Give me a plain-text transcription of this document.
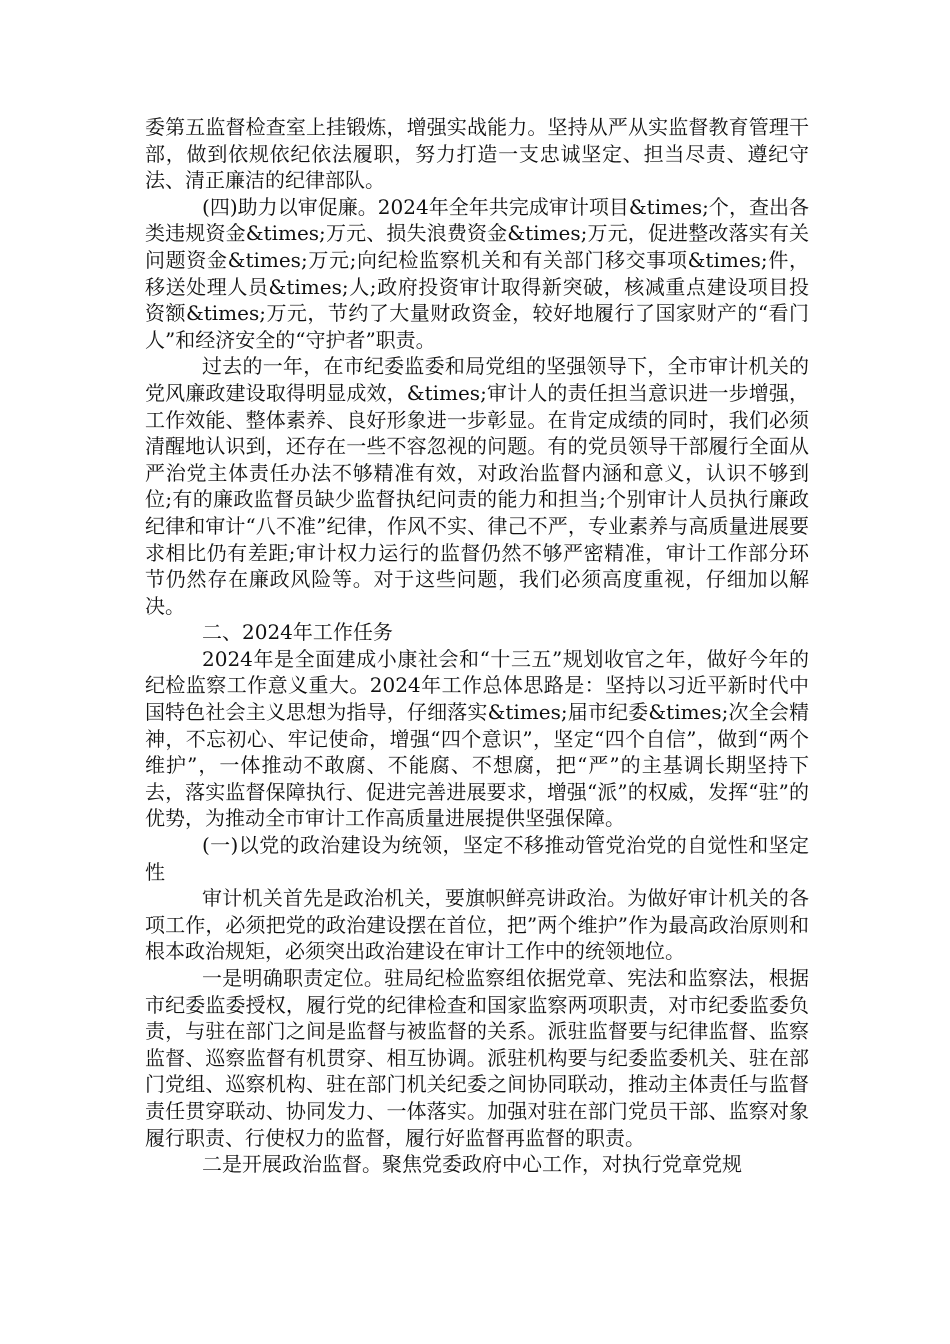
委第五监督检查室上挂锻炼，增强实战能力。坚持从严从实监督教育管理干部，做到依规依纪依法履职，努力打造一支忠诚坚定、担当尽责、遵纪守法、清正廉洁的纪律部队。

(四)助力以审促廉。2024年全年共完成审计项目&times;个，查出各类违规资金&times;万元、损失浪费资金&times;万元，促进整改落实有关问题资金&times;万元;向纪检监察机关和有关部门移交事项&times;件，移送处理人员&times;人;政府投资审计取得新突破，核减重点建设项目投资额&times;万元，节约了大量财政资金，较好地履行了国家财产的“看门人”和经济安全的“守护者”职责。

过去的一年，在市纪委监委和局党组的坚强领导下，全市审计机关的党风廉政建设取得明显成效，&times;审计人的责任担当意识进一步增强，工作效能、整体素养、良好形象进一步彰显。在肯定成绩的同时，我们必须清醒地认识到，还存在一些不容忽视的问题。有的党员领导干部履行全面从严治党主体责任办法不够精准有效，对政治监督内涵和意义，认识不够到位;有的廉政监督员缺少监督执纪问责的能力和担当;个别审计人员执行廉政纪律和审计“八不准”纪律，作风不实、律己不严，专业素养与高质量进展要求相比仍有差距;审计权力运行的监督仍然不够严密精准，审计工作部分环节仍然存在廉政风险等。对于这些问题，我们必须高度重视，仔细加以解决。

二、2024年工作任务

2024年是全面建成小康社会和“十三五”规划收官之年，做好今年的纪检监察工作意义重大。2024年工作总体思路是：坚持以习近平新时代中国特色社会主义思想为指导，仔细落实&times;届市纪委&times;次全会精神，不忘初心、牢记使命，增强“四个意识”，坚定“四个自信”，做到“两个维护”，一体推动不敢腐、不能腐、不想腐，把“严”的主基调长期坚持下去，落实监督保障执行、促进完善进展要求，增强“派”的权威，发挥“驻”的优势，为推动全市审计工作高质量进展提供坚强保障。

(一)以党的政治建设为统领，坚定不移推动管党治党的自觉性和坚定性

审计机关首先是政治机关，要旗帜鲜亮讲政治。为做好审计机关的各项工作，必须把党的政治建设摆在首位，把”两个维护”作为最高政治原则和根本政治规矩，必须突出政治建设在审计工作中的统领地位。

一是明确职责定位。驻局纪检监察组依据党章、宪法和监察法，根据市纪委监委授权，履行党的纪律检查和国家监察两项职责，对市纪委监委负责，与驻在部门之间是监督与被监督的关系。派驻监督要与纪律监督、监察监督、巡察监督有机贯穿、相互协调。派驻机构要与纪委监委机关、驻在部门党组、巡察机构、驻在部门机关纪委之间协同联动，推动主体责任与监督责任贯穿联动、协同发力、一体落实。加强对驻在部门党员干部、监察对象履行职责、行使权力的监督，履行好监督再监督的职责。

二是开展政治监督。聚焦党委政府中心工作，对执行党章党规
